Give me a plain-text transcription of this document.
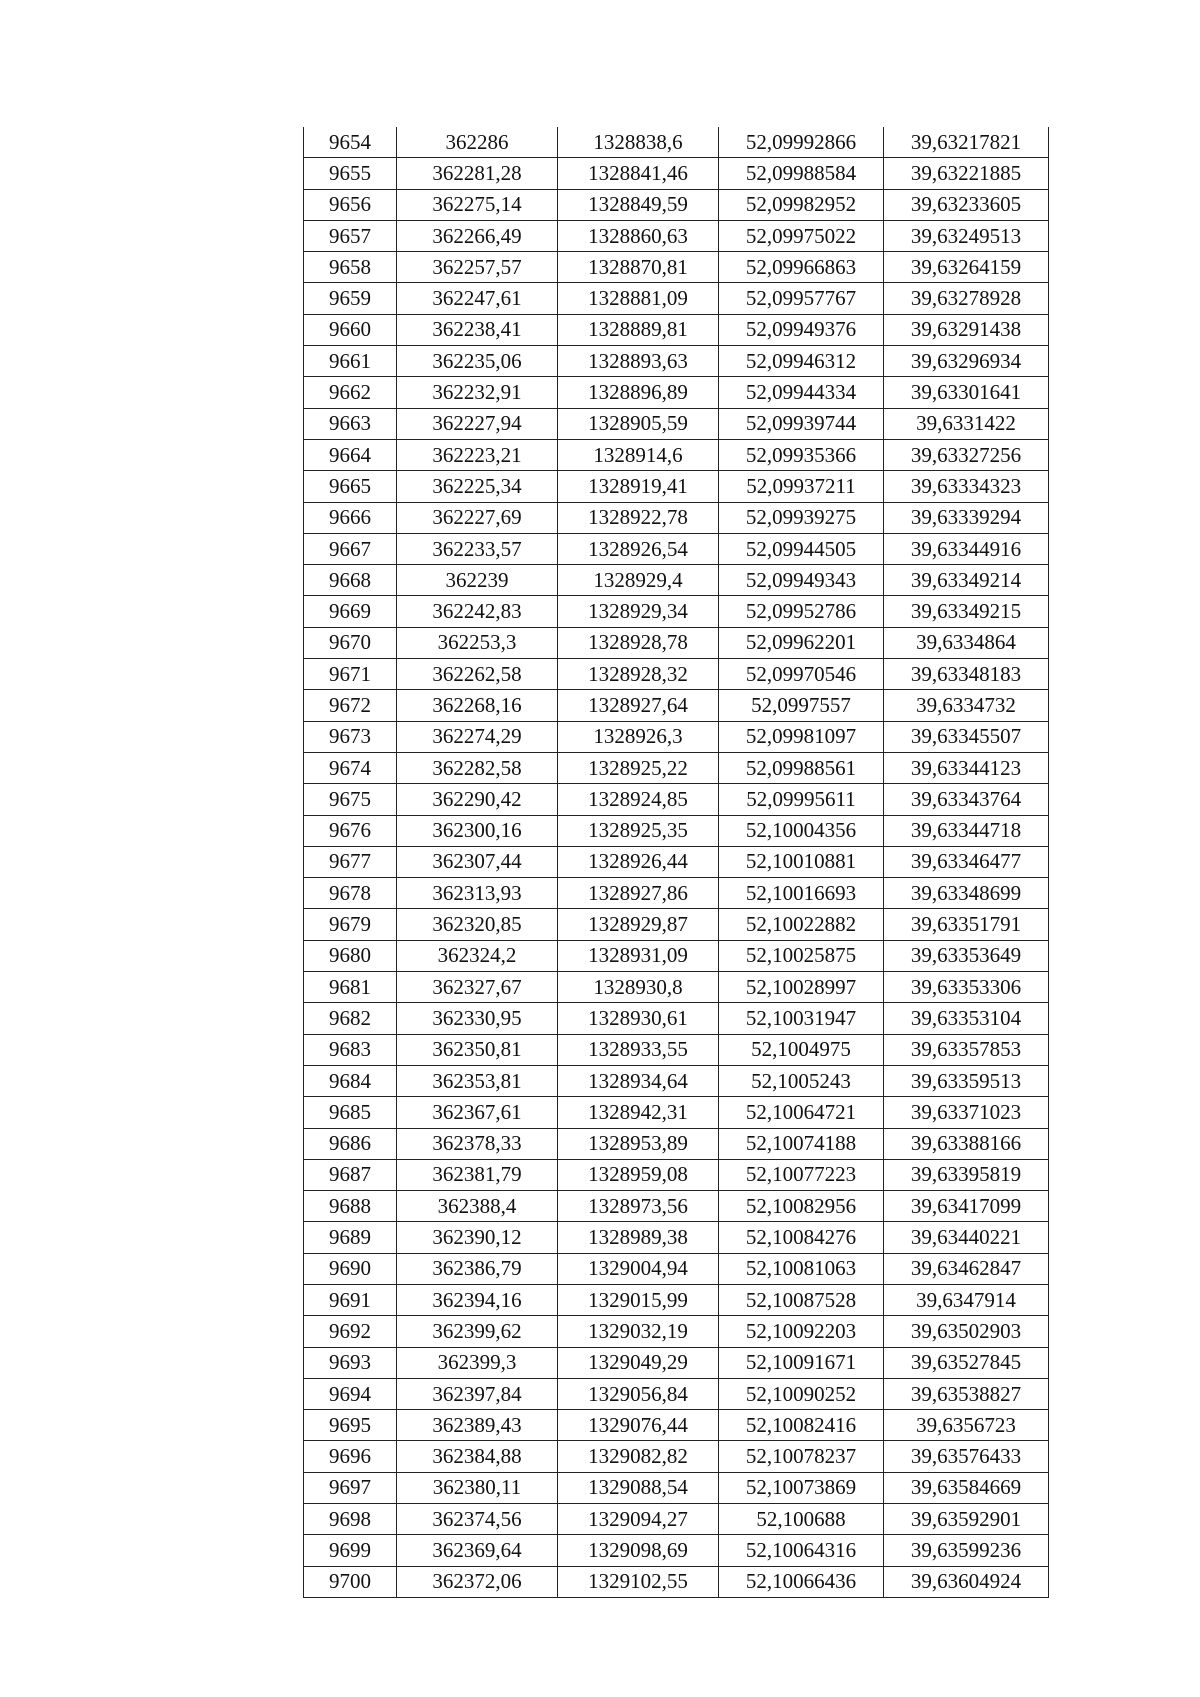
9654	362286	1328838,6	52,09992866	39,63217821
9655	362281,28	1328841,46	52,09988584	39,63221885
9656	362275,14	1328849,59	52,09982952	39,63233605
9657	362266,49	1328860,63	52,09975022	39,63249513
9658	362257,57	1328870,81	52,09966863	39,63264159
9659	362247,61	1328881,09	52,09957767	39,63278928
9660	362238,41	1328889,81	52,09949376	39,63291438
9661	362235,06	1328893,63	52,09946312	39,63296934
9662	362232,91	1328896,89	52,09944334	39,63301641
9663	362227,94	1328905,59	52,09939744	39,6331422
9664	362223,21	1328914,6	52,09935366	39,63327256
9665	362225,34	1328919,41	52,09937211	39,63334323
9666	362227,69	1328922,78	52,09939275	39,63339294
9667	362233,57	1328926,54	52,09944505	39,63344916
9668	362239	1328929,4	52,09949343	39,63349214
9669	362242,83	1328929,34	52,09952786	39,63349215
9670	362253,3	1328928,78	52,09962201	39,6334864
9671	362262,58	1328928,32	52,09970546	39,63348183
9672	362268,16	1328927,64	52,0997557	39,6334732
9673	362274,29	1328926,3	52,09981097	39,63345507
9674	362282,58	1328925,22	52,09988561	39,63344123
9675	362290,42	1328924,85	52,09995611	39,63343764
9676	362300,16	1328925,35	52,10004356	39,63344718
9677	362307,44	1328926,44	52,10010881	39,63346477
9678	362313,93	1328927,86	52,10016693	39,63348699
9679	362320,85	1328929,87	52,10022882	39,63351791
9680	362324,2	1328931,09	52,10025875	39,63353649
9681	362327,67	1328930,8	52,10028997	39,63353306
9682	362330,95	1328930,61	52,10031947	39,63353104
9683	362350,81	1328933,55	52,1004975	39,63357853
9684	362353,81	1328934,64	52,1005243	39,63359513
9685	362367,61	1328942,31	52,10064721	39,63371023
9686	362378,33	1328953,89	52,10074188	39,63388166
9687	362381,79	1328959,08	52,10077223	39,63395819
9688	362388,4	1328973,56	52,10082956	39,63417099
9689	362390,12	1328989,38	52,10084276	39,63440221
9690	362386,79	1329004,94	52,10081063	39,63462847
9691	362394,16	1329015,99	52,10087528	39,6347914
9692	362399,62	1329032,19	52,10092203	39,63502903
9693	362399,3	1329049,29	52,10091671	39,63527845
9694	362397,84	1329056,84	52,10090252	39,63538827
9695	362389,43	1329076,44	52,10082416	39,6356723
9696	362384,88	1329082,82	52,10078237	39,63576433
9697	362380,11	1329088,54	52,10073869	39,63584669
9698	362374,56	1329094,27	52,100688	39,63592901
9699	362369,64	1329098,69	52,10064316	39,63599236
9700	362372,06	1329102,55	52,10066436	39,63604924
